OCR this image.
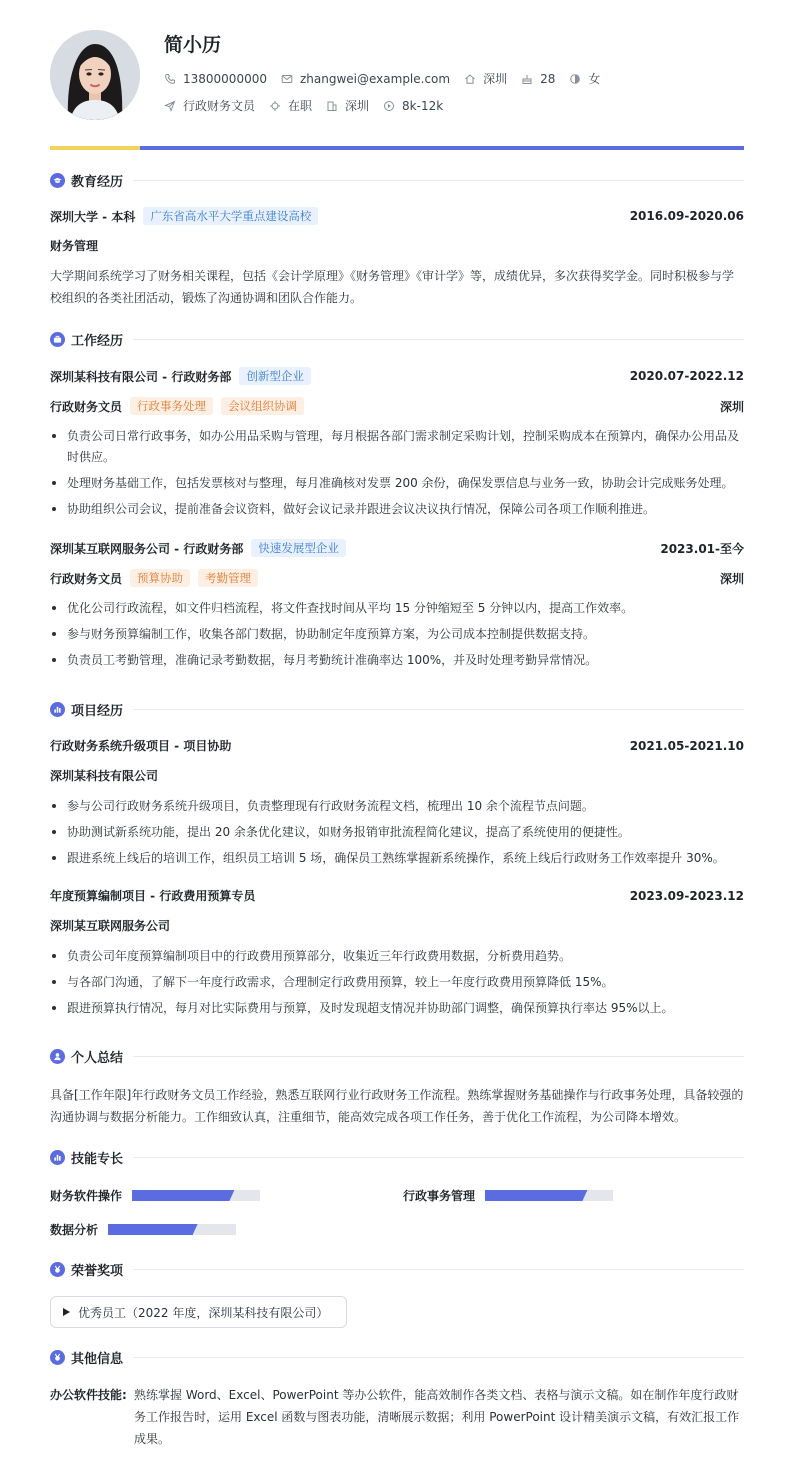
简小历
13800000000	zhangwei@example.com	深圳	28	女
行政财务文员	在职	深圳	8k-12k
教育经历
深圳大学 - 本科	广东省高水平大学重点建设高校	2016.09-2020.06
财务管理
大学期间系统学习了财务相关课程，包括《会计学原理》《财务管理》《审计学》等，成绩优异，多次获得奖学金。同时积极参与学校组织的各类社团活动，锻炼了沟通协调和团队合作能力。
工作经历
深圳某科技有限公司 - 行政财务部	创新型企业	2020.07-2022.12
行政财务文员	行政事务处理	会议组织协调	深圳
负责公司日常行政事务，如办公用品采购与管理，每月根据各部门需求制定采购计划，控制采购成本在预算内，确保办公用品及时供应。
处理财务基础工作，包括发票核对与整理，每月准确核对发票 200 余份，确保发票信息与业务一致，协助会计完成账务处理。
协助组织公司会议，提前准备会议资料，做好会议记录并跟进会议决议执行情况，保障公司各项工作顺利推进。
深圳某互联网服务公司 - 行政财务部	快速发展型企业	2023.01-至今
行政财务文员	预算协助	考勤管理	深圳
优化公司行政流程，如文件归档流程，将文件查找时间从平均 15 分钟缩短至 5 分钟以内，提高工作效率。
参与财务预算编制工作，收集各部门数据，协助制定年度预算方案，为公司成本控制提供数据支持。
负责员工考勤管理，准确记录考勤数据，每月考勤统计准确率达 100%，并及时处理考勤异常情况。
项目经历
行政财务系统升级项目 - 项目协助	2021.05-2021.10
深圳某科技有限公司
参与公司行政财务系统升级项目，负责整理现有行政财务流程文档，梳理出 10 余个流程节点问题。
协助测试新系统功能，提出 20 余条优化建议，如财务报销审批流程简化建议，提高了系统使用的便捷性。
跟进系统上线后的培训工作，组织员工培训 5 场，确保员工熟练掌握新系统操作，系统上线后行政财务工作效率提升 30%。
年度预算编制项目 - 行政费用预算专员	2023.09-2023.12
深圳某互联网服务公司
负责公司年度预算编制项目中的行政费用预算部分，收集近三年行政费用数据，分析费用趋势。
与各部门沟通，了解下一年度行政需求，合理制定行政费用预算，较上一年度行政费用预算降低 15%。
跟进预算执行情况，每月对比实际费用与预算，及时发现超支情况并协助部门调整，确保预算执行率达 95%以上。
个人总结
具备[工作年限]年行政财务文员工作经验，熟悉互联网行业行政财务工作流程。熟练掌握财务基础操作与行政事务处理，具备较强的沟通协调与数据分析能力。工作细致认真，注重细节，能高效完成各项工作任务，善于优化工作流程，为公司降本增效。
技能专长
财务软件操作	行政事务管理
数据分析
荣誉奖项
优秀员工（2022 年度，深圳某科技有限公司）
其他信息
办公软件技能: 熟练掌握 Word、Excel、PowerPoint 等办公软件，能高效制作各类文档、表格与演示文稿。如在制作年度行政财务工作报告时，运用 Excel 函数与图表功能，清晰展示数据；利用 PowerPoint 设计精美演示文稿，有效汇报工作成果。
